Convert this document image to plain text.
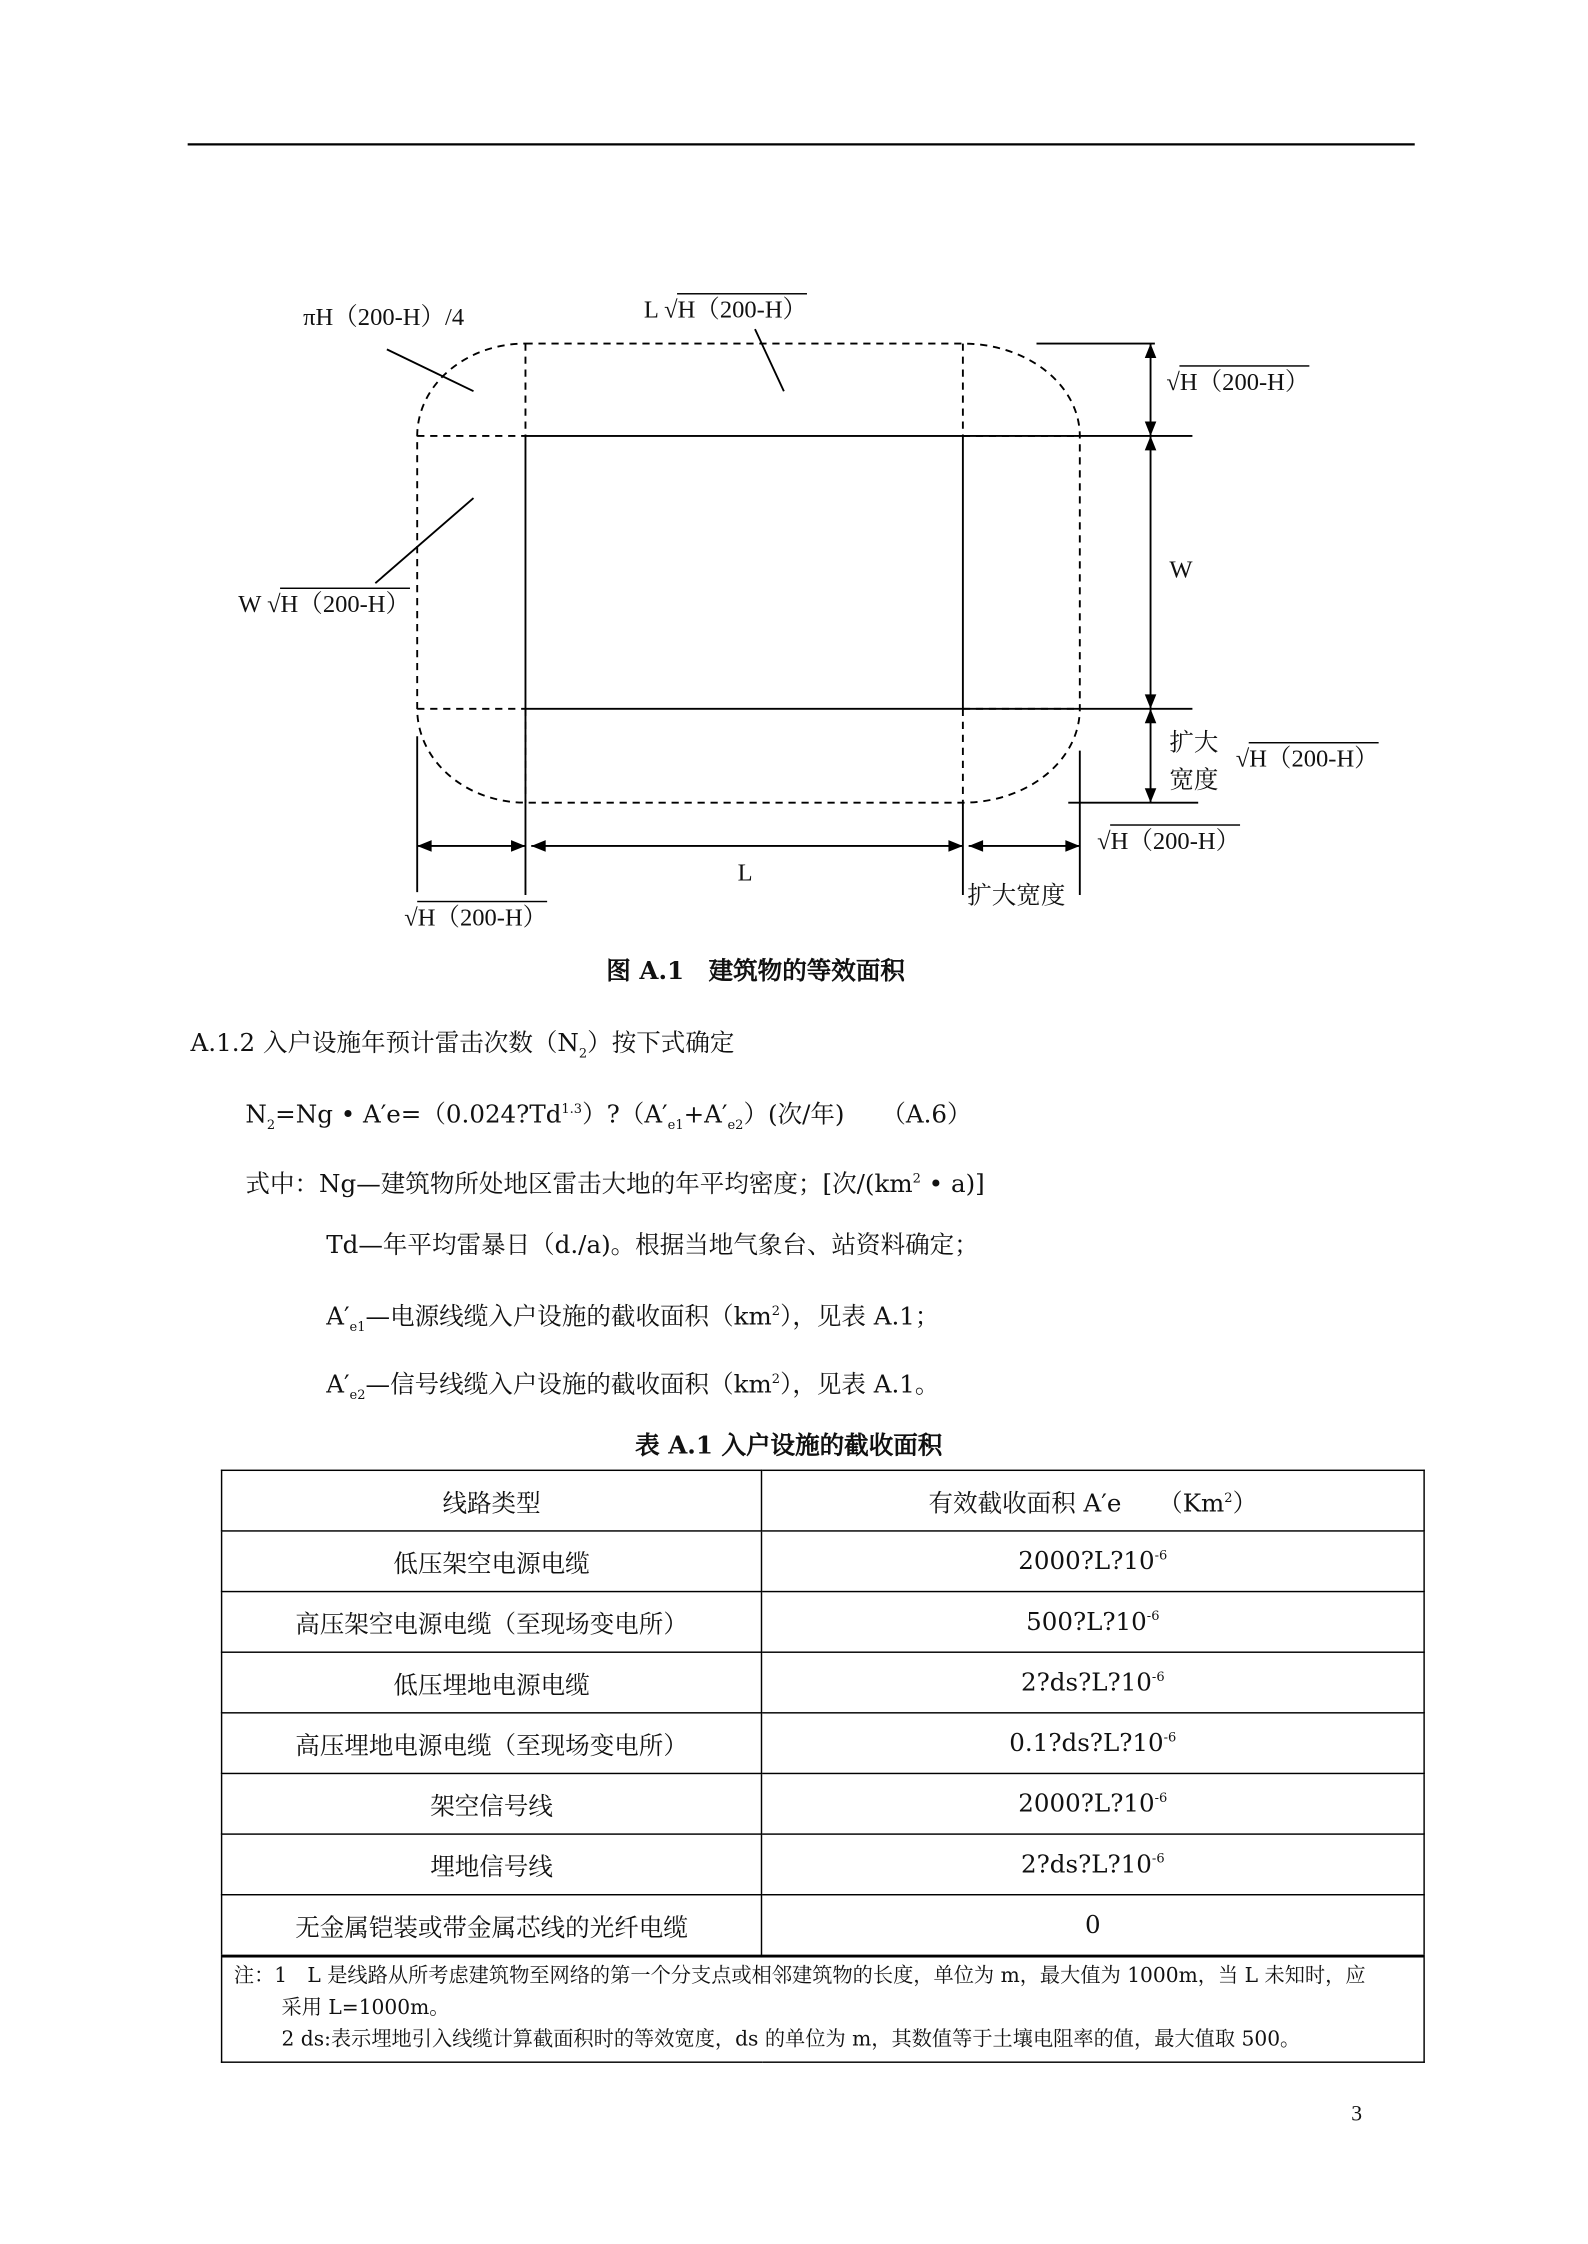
πH（200-H）/4	L √H（200-H）
√H（200-H）
W
扩大
宽度
√H（200-H）
√H（200-H）
L
扩大宽度
W √H（200-H）
√H（200-H）
图 A.1　建筑物的等效面积
A.1.2 入户设施年预计雷击次数$(N_2)$按下式确定
$N_2=Ng$ • $A'e=(0.024?Td^{1.3})?(A'_{e1}+A'_{e2})$(次/年)　　	（A.6）
式中：Ng—建筑物所处地区雷击大地的年平均密度；[次$/(km^2$ • a)]
Td—年平均雷暴日（d./a)。根据当地气象台、站资料确定；
$A'_{e1}—$电源线缆入户设施的截收面积$(km^2)$，见表 A.1；
$A'_{e2}—$信号线缆入户设施的截收面积$(km^2)$，见表 A.1。
表 A.1 入户设施的截收面积
线路类型	有效截收面积 A′e　　（Km$^2$）
低压架空电源电缆	$2000?L?10^{-6}$
高压架空电源电缆（至现场变电所）	$500?L?10^{-6}$
低压埋地电源电缆	$2?ds?L?10^{-6}$
高压埋地电源电缆（至现场变电所）	$0.1?ds?L?10^{-6}$
架空信号线	$2000?L?10^{-6}$
埋地信号线	$2?ds?L?10^{-6}$
无金属铠装或带金属芯线的光纤电缆	0

注：1　L 是线路从所考虑建筑物至网络的第一个分支点或相邻建筑物的长度，单位为 m，最大值为 1000m，当 L 未知时，应
采用 L=1000m。
2 ds:表示埋地引入线缆计算截面积时的等效宽度，ds 的单位为 m，其数值等于土壤电阻率的值，最大值取 500。	
3
